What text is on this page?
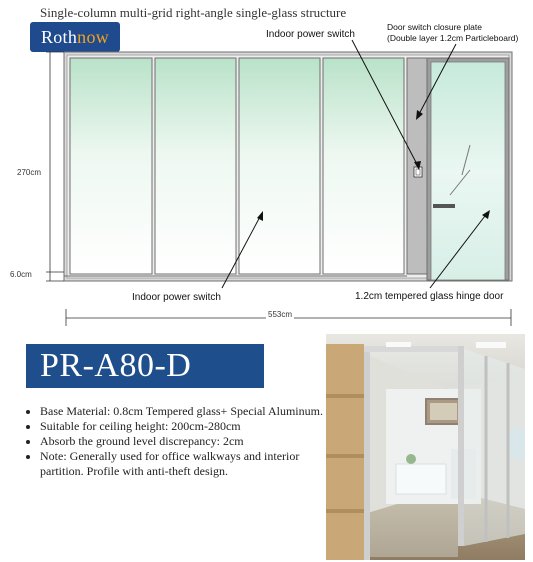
Single-column multi-grid right-angle single-glass structure
Roth now	Indoor power switch
Door switch closure plate
(Double layer 1.2cm Particleboard)
Indoor power switch	1.2cm tempered glass hinge door
270cm
6.0cm
553cm
PR-A80-D
• Base Material: 0.8cm Tempered glass+ Special Aluminum.
• Suitable for ceiling height: 200cm-280cm
• Absorb the ground level discrepancy: 2cm
• Note: Generally used for office walkways and interior partition. Profile with anti-theft design.
